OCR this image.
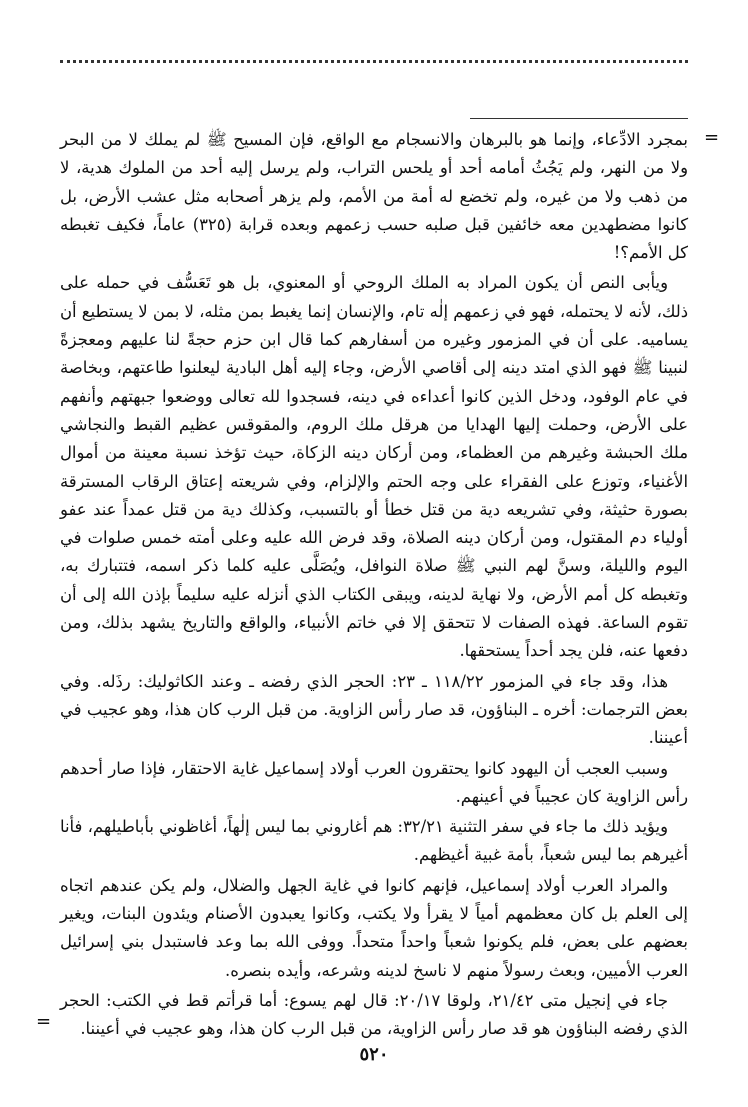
=

بمجرد الادِّعاء، وإنما هو بالبرهان والانسجام مع الواقع، فإن المسيح ﷺ لم يملك لا من البحر ولا من النهر، ولم يَجُثُ أمامه أحد أو يلحس التراب، ولم يرسل إليه أحد من الملوك هدية، لا من ذهب ولا من غيره، ولم تخضع له أمة من الأمم، ولم يزهر أصحابه مثل عشب الأرض، بل كانوا مضطهدين معه خائفين قبل صلبه حسب زعمهم وبعده قرابة (٣٢٥) عاماً، فكيف تغبطه كل الأمم؟!

ويأبى النص أن يكون المراد به الملك الروحي أو المعنوي، بل هو تَعَسُّف في حمله على ذلك، لأنه لا يحتمله، فهو في زعمهم إلٰه تام، والإنسان إنما يغبط بمن مثله، لا بمن لا يستطيع أن يساميه. على أن في المزمور وغيره من أسفارهم كما قال ابن حزم حجةً لنا عليهم ومعجزةً لنبينا ﷺ فهو الذي امتد دينه إلى أقاصي الأرض، وجاء إليه أهل البادية ليعلنوا طاعتهم، وبخاصة في عام الوفود، ودخل الذين كانوا أعداءه في دينه، فسجدوا لله تعالى ووضعوا جبهتهم وأنفهم على الأرض، وحملت إليها الهدايا من هرقل ملك الروم، والمقوقس عظيم القبط والنجاشي ملك الحبشة وغيرهم من العظماء، ومن أركان دينه الزكاة، حيث تؤخذ نسبة معينة من أموال الأغنياء، وتوزع على الفقراء على وجه الحتم والإلزام، وفي شريعته إعتاق الرقاب المسترقة بصورة حثيثة، وفي تشريعه دية من قتل خطأ أو بالتسبب، وكذلك دية من قتل عمداً عند عفو أولياء دم المقتول، ومن أركان دينه الصلاة، وقد فرض الله عليه وعلى أمته خمس صلوات في اليوم والليلة، وسنَّ لهم النبي ﷺ صلاة النوافل، ويُصَلَّى عليه كلما ذكر اسمه، فتتبارك به، وتغبطه كل أمم الأرض، ولا نهاية لدينه، ويبقى الكتاب الذي أنزله عليه سليماً بإذن الله إلى أن تقوم الساعة. فهذه الصفات لا تتحقق إلا في خاتم الأنبياء، والواقع والتاريخ يشهد بذلك، ومن دفعها عنه، فلن يجد أحداً يستحقها.

هذا، وقد جاء في المزمور ١١٨/٢٢ ـ ٢٣: الحجر الذي رفضه ـ وعند الكاثوليك: رذَله. وفي بعض الترجمات: أخره ـ البناؤون، قد صار رأس الزاوية. من قبل الرب كان هذا، وهو عجيب في أعيننا.

وسبب العجب أن اليهود كانوا يحتقرون العرب أولاد إسماعيل غاية الاحتقار، فإذا صار أحدهم رأس الزاوية كان عجيباً في أعينهم.

ويؤيد ذلك ما جاء في سفر التثنية ٣٢/٢١: هم أغاروني بما ليس إلٰهاً، أغاظوني بأباطيلهم، فأنا أغيرهم بما ليس شعباً، بأمة غبية أغيظهم.

والمراد العرب أولاد إسماعيل، فإنهم كانوا في غاية الجهل والضلال، ولم يكن عندهم اتجاه إلى العلم بل كان معظمهم أمياً لا يقرأ ولا يكتب، وكانوا يعبدون الأصنام ويئدون البنات، ويغير بعضهم على بعض، فلم يكونوا شعباً واحداً متحداً. ووفى الله بما وعد فاستبدل بني إسرائيل العرب الأميين، وبعث رسولاً منهم لا ناسخ لدينه وشرعه، وأيده بنصره.

جاء في إنجيل متى ٢١/٤٢، ولوقا ٢٠/١٧: قال لهم يسوع: أما قرأتم قط في الكتب: الحجر الذي رفضه البناؤون هو قد صار رأس الزاوية، من قبل الرب كان هذا، وهو عجيب في أعيننا.

=
٥٢٠
